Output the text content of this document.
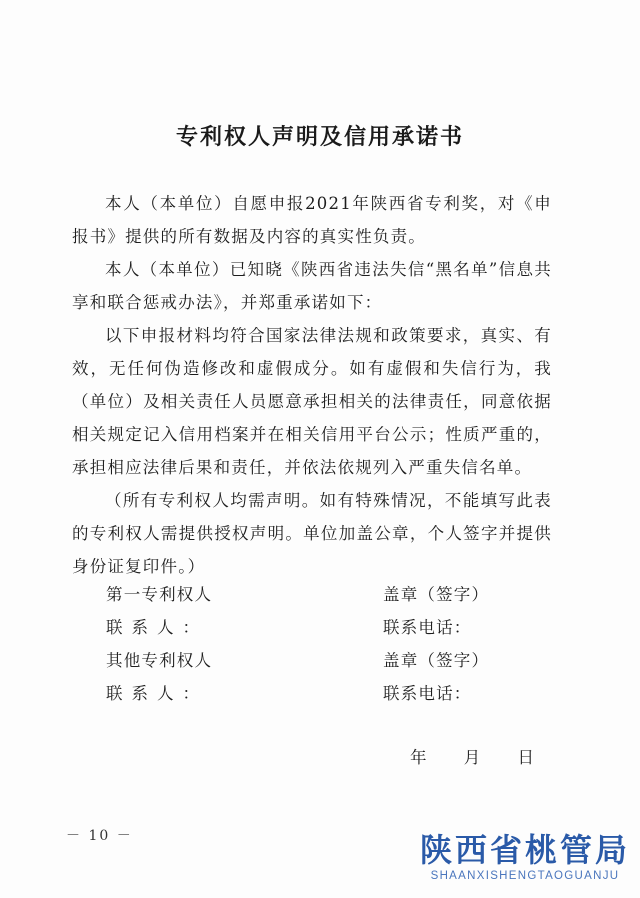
专利权人声明及信用承诺书

本人（本单位）自愿申报2021年陕西省专利奖，对《申报书》提供的所有数据及内容的真实性负责。

本人（本单位）已知晓《陕西省违法失信“黑名单”信息共享和联合惩戒办法》，并郑重承诺如下：

以下申报材料均符合国家法律法规和政策要求，真实、有效，无任何伪造修改和虚假成分。如有虚假和失信行为，我（单位）及相关责任人员愿意承担相关的法律责任，同意依据相关规定记入信用档案并在相关信用平台公示；性质严重的，承担相应法律后果和责任，并依法依规列入严重失信名单。

（所有专利权人均需声明。如有特殊情况，不能填写此表的专利权人需提供授权声明。单位加盖公章，个人签字并提供身份证复印件。）

第一专利权人	盖章（签字）
联系人：	联系电话：
其他专利权人	盖章（签字）
联系人：	联系电话：
年 月 日
－ 10 －	陕西省桃管局
SHAANXISHENGTAOGUANJU
